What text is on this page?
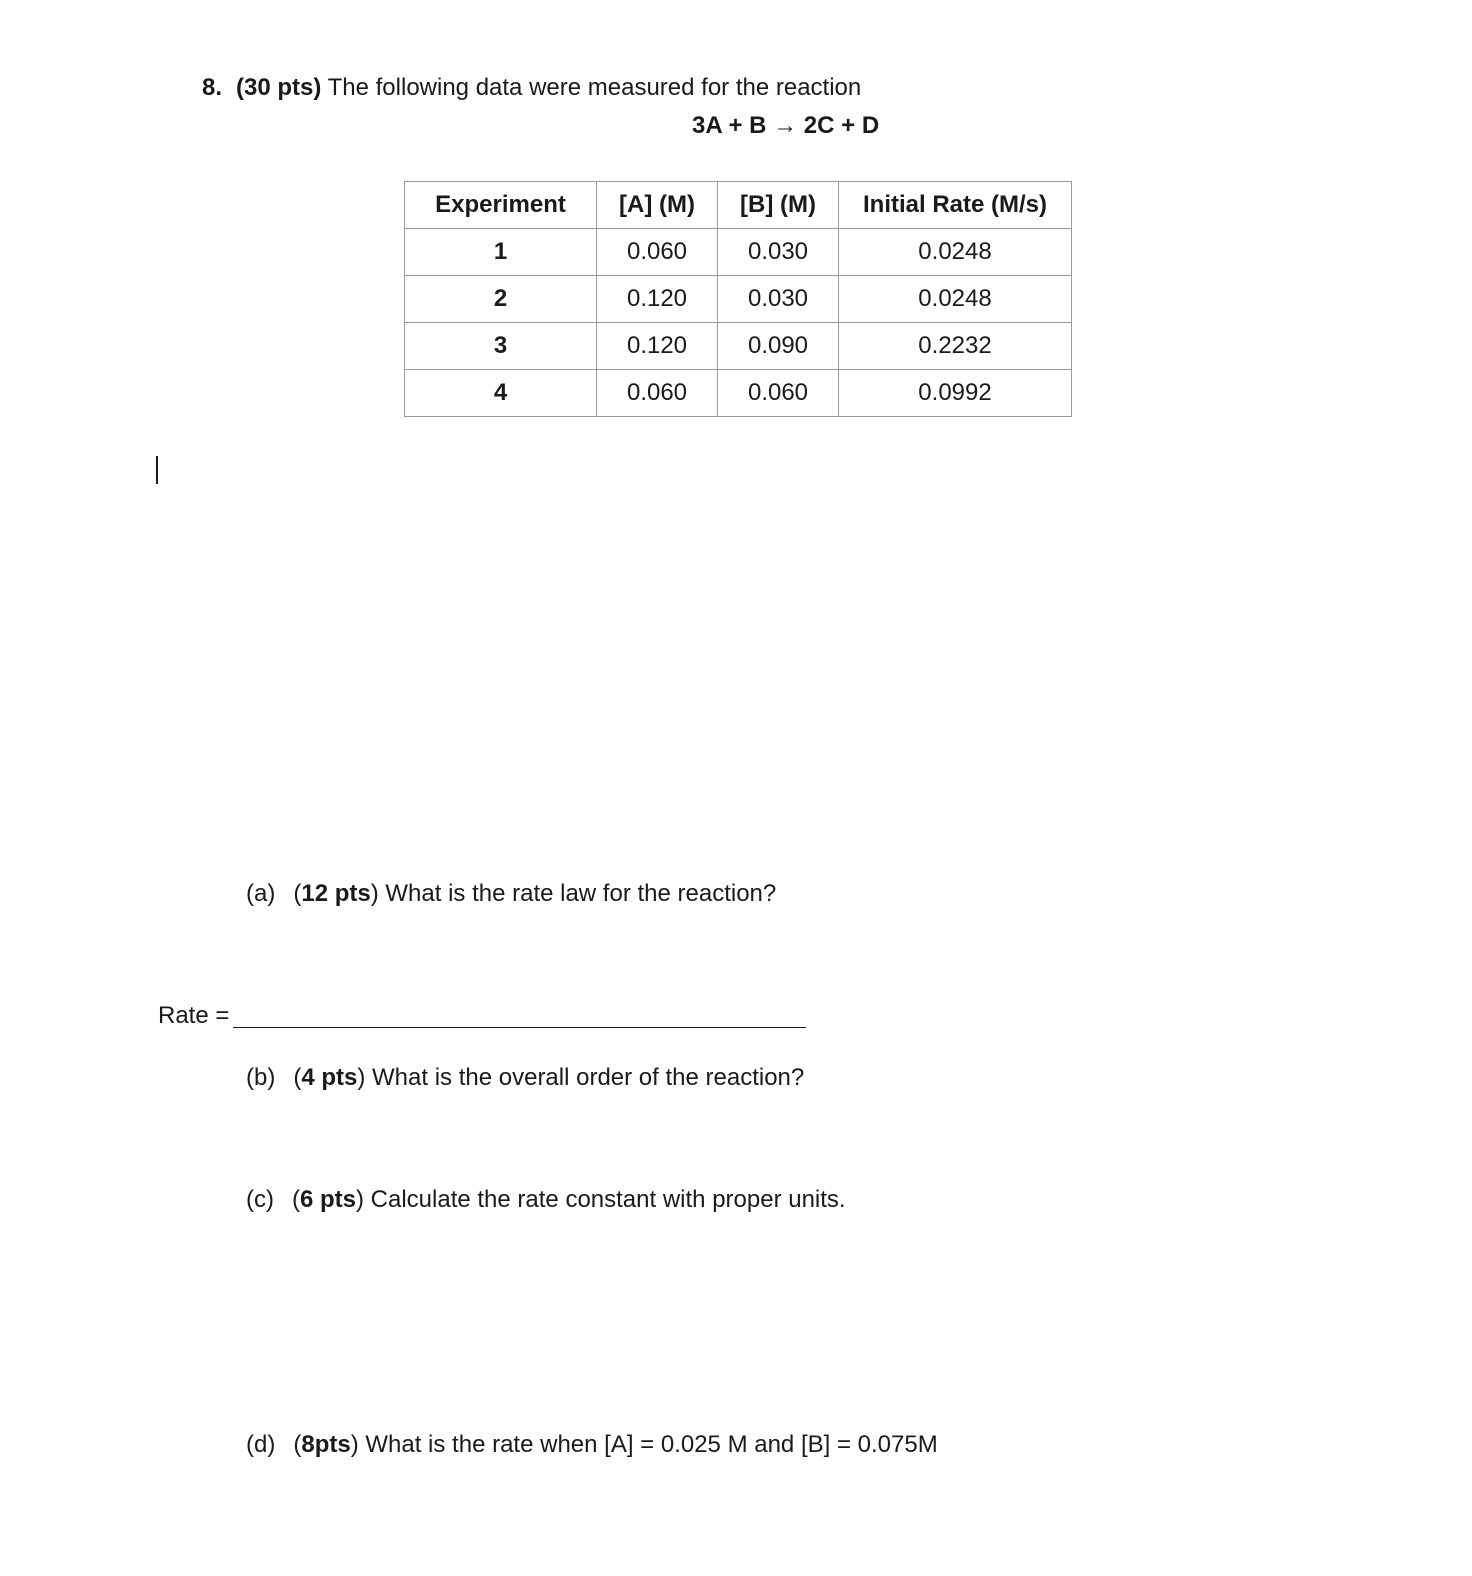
8. (30 pts) The following data were measured for the reaction
3A + B → 2C + D
Experiment	[A] (M)	[B] (M)	Initial Rate (M/s)
1	0.060	0.030	0.0248
2	0.120	0.030	0.0248
3	0.120	0.090	0.2232
4	0.060	0.060	0.0992
(a) (12 pts) What is the rate law for the reaction?
Rate =
(b) (4 pts) What is the overall order of the reaction?
(c) (6 pts) Calculate the rate constant with proper units.
(d) (8pts) What is the rate when [A] = 0.025 M and [B] = 0.075M
